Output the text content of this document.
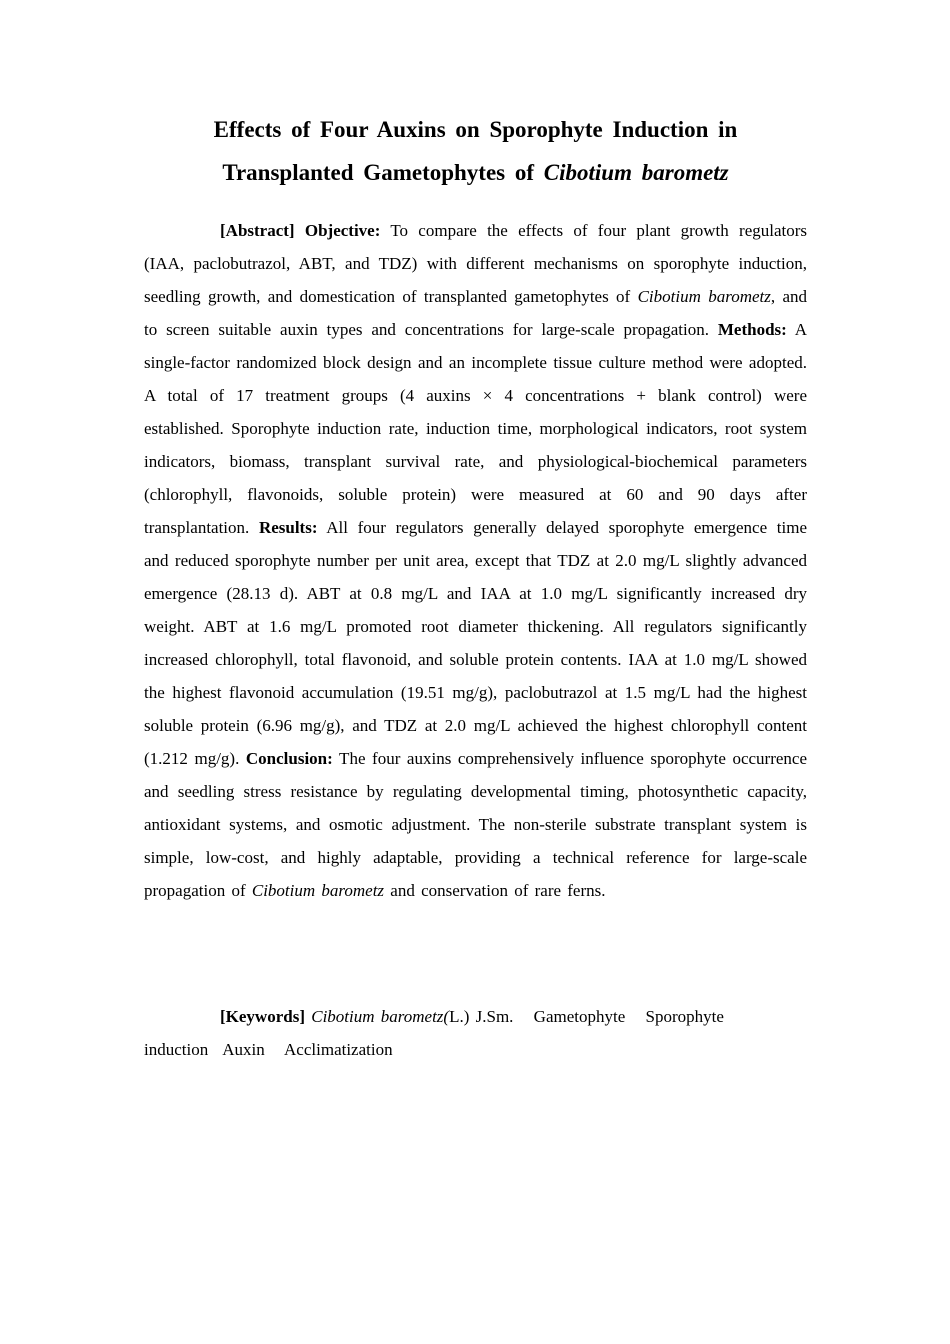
Effects of Four Auxins on Sporophyte Induction in
Transplanted Gametophytes of Cibotium barometz

[Abstract] Objective: To compare the effects of four plant growth regulators (IAA, paclobutrazol, ABT, and TDZ) with different mechanisms on sporophyte induction, seedling growth, and domestication of transplanted gametophytes of Cibotium barometz, and to screen suitable auxin types and concentrations for large-scale propagation. Methods: A single-factor randomized block design and an incomplete tissue culture method were adopted. A total of 17 treatment groups (4 auxins × 4 concentrations + blank control) were established. Sporophyte induction rate, induction time, morphological indicators, root system indicators, biomass, transplant survival rate, and physiological-biochemical parameters (chlorophyll, flavonoids, soluble protein) were measured at 60 and 90 days after transplantation. Results: All four regulators generally delayed sporophyte emergence time and reduced sporophyte number per unit area, except that TDZ at 2.0 mg/L slightly advanced emergence (28.13 d). ABT at 0.8 mg/L and IAA at 1.0 mg/L significantly increased dry weight. ABT at 1.6 mg/L promoted root diameter thickening. All regulators significantly increased chlorophyll, total flavonoid, and soluble protein contents. IAA at 1.0 mg/L showed the highest flavonoid accumulation (19.51 mg/g), paclobutrazol at 1.5 mg/L had the highest soluble protein (6.96 mg/g), and TDZ at 2.0 mg/L achieved the highest chlorophyll content (1.212 mg/g). Conclusion: The four auxins comprehensively influence sporophyte occurrence and seedling stress resistance by regulating developmental timing, photosynthetic capacity, antioxidant systems, and osmotic adjustment. The non-sterile substrate transplant system is simple, low-cost, and highly adaptable, providing a technical reference for large-scale propagation of Cibotium barometz and conservation of rare ferns.

[Keywords] Cibotium barometz(L.) J.Sm. Gametophyte Sporophyte induction Auxin Acclimatization
